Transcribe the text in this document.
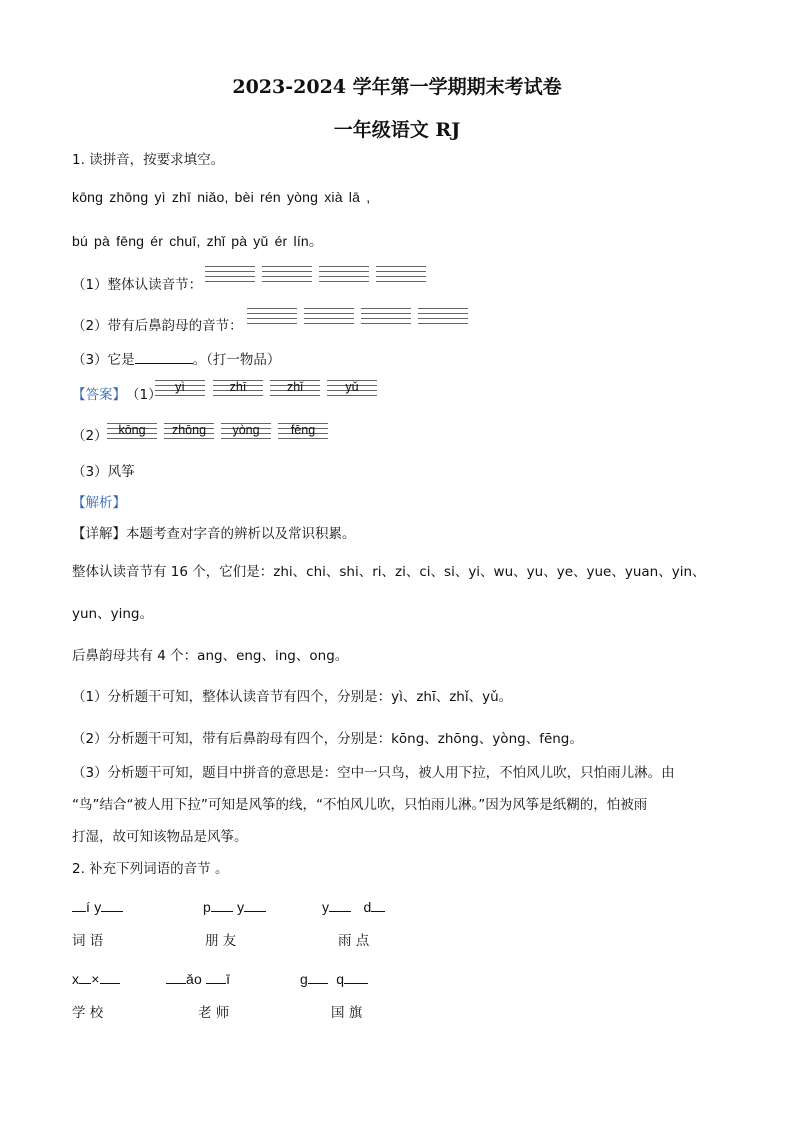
2023-2024 学年第一学期期末考试卷
一年级语文 RJ
1. 读拼音，按要求填空。
kōng zhōng yì zhī niǎo, bèi rén yòng xià lā ,
bú pà fēng ér chuī, zhǐ pà yǔ ér lín。
（1）整体认读音节：
（2）带有后鼻韵母的音节：
（3）它是	。（打一物品）
【答案】 （1）	yì	zhī	zhǐ	yǔ
（2） kōng	zhōng	yòng	fēng
（3）风筝
【解析】
【详解】本题考查对字音的辨析以及常识积累。
整体认读音节有 16 个，它们是：zhi、chi、shi、ri、zi、ci、si、yi、wu、yu、ye、yue、yuan、yin、
yun、ying。
后鼻韵母共有 4 个：ang、eng、ing、ong。
（1）分析题干可知，整体认读音节有四个，分别是：yì、zhī、zhǐ、yǔ。
（2）分析题干可知，带有后鼻韵母有四个，分别是：kōng、zhōng、yòng、fēng。
（3）分析题干可知，题目中拼音的意思是：空中一只鸟，被人用下拉，不怕风儿吹，只怕雨儿淋。由
“鸟”结合“被人用下拉”可知是风筝的线，“不怕风儿吹，只怕雨儿淋。”因为风筝是纸糊的，怕被雨
打湿，故可知该物品是风筝。
2. 补充下列词语的音节 。
í y	p y	y d
词 语	朋 友	雨 点
x ×	ǎo ī	g q
学 校	老 师	国 旗
